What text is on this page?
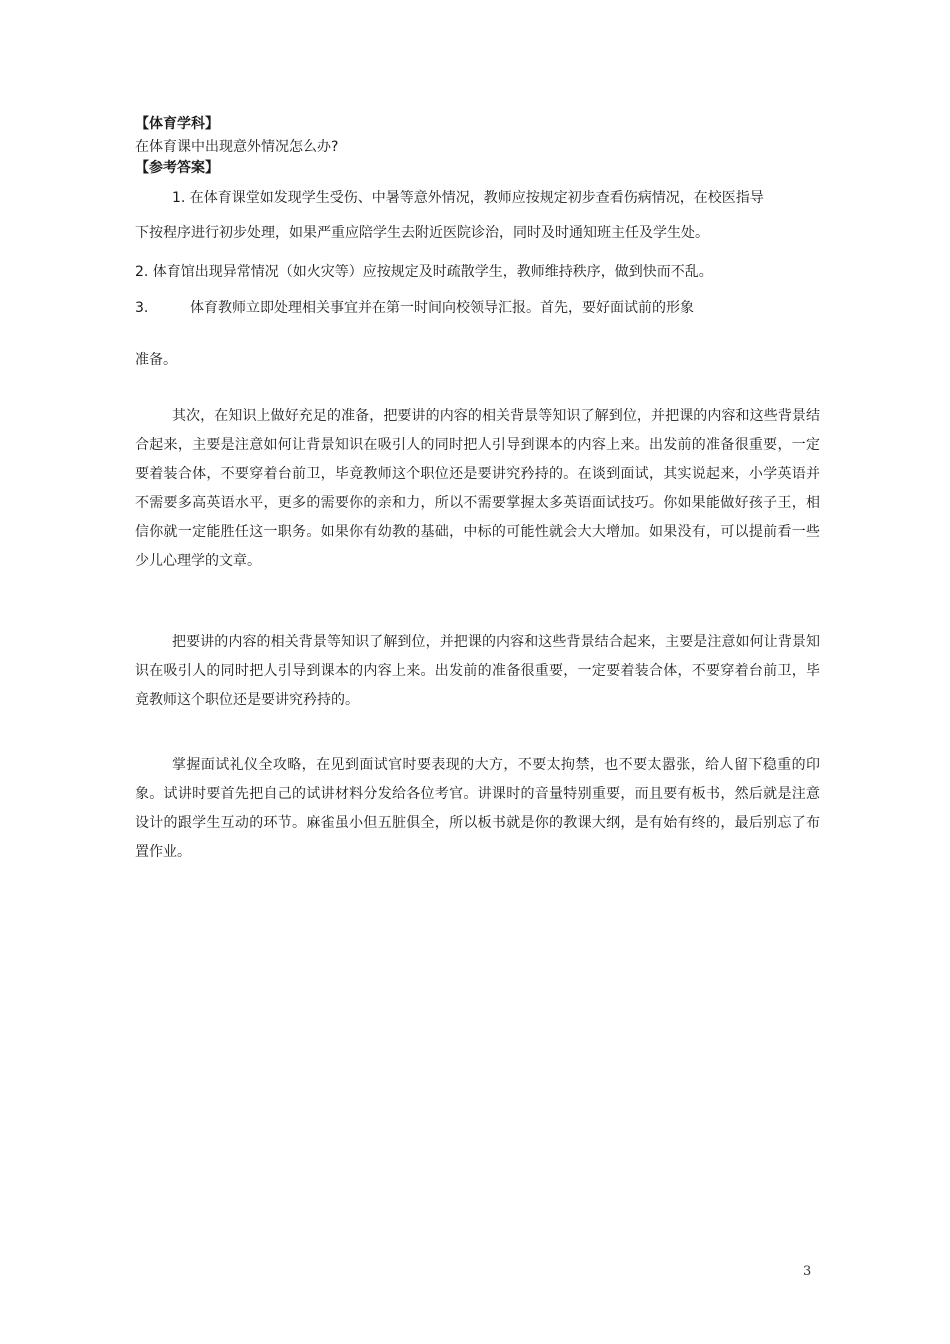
【体育学科】
在体育课中出现意外情况怎么办?
【参考答案】
1. 在体育课堂如发现学生受伤、中暑等意外情况，教师应按规定初步查看伤病情况，在校医指导
下按程序进行初步处理，如果严重应陪学生去附近医院诊治，同时及时通知班主任及学生处。
2. 体育馆出现异常情况（如火灾等）应按规定及时疏散学生，教师维持秩序，做到快而不乱。
3.	体育教师立即处理相关事宜并在第一时间向校领导汇报。首先，要好面试前的形象
准备。
其次，在知识上做好充足的准备，把要讲的内容的相关背景等知识了解到位，并把课的内容和这些背景结合起来，主要是注意如何让背景知识在吸引人的同时把人引导到课本的内容上来。出发前的准备很重要，一定要着装合体，不要穿着台前卫，毕竟教师这个职位还是要讲究矜持的。在谈到面试，其实说起来，小学英语并不需要多高英语水平，更多的需要你的亲和力，所以不需要掌握太多英语面试技巧。你如果能做好孩子王，相信你就一定能胜任这一职务。如果你有幼教的基础，中标的可能性就会大大增加。如果没有，可以提前看一些少儿心理学的文章。
把要讲的内容的相关背景等知识了解到位，并把课的内容和这些背景结合起来，主要是注意如何让背景知识在吸引人的同时把人引导到课本的内容上来。出发前的准备很重要，一定要着装合体，不要穿着台前卫，毕竟教师这个职位还是要讲究矜持的。
掌握面试礼仪全攻略，在见到面试官时要表现的大方，不要太拘禁，也不要太嚣张，给人留下稳重的印象。试讲时要首先把自己的试讲材料分发给各位考官。讲课时的音量特别重要，而且要有板书，然后就是注意设计的跟学生互动的环节。麻雀虽小但五脏俱全，所以板书就是你的教课大纲，是有始有终的，最后别忘了布置作业。
3
